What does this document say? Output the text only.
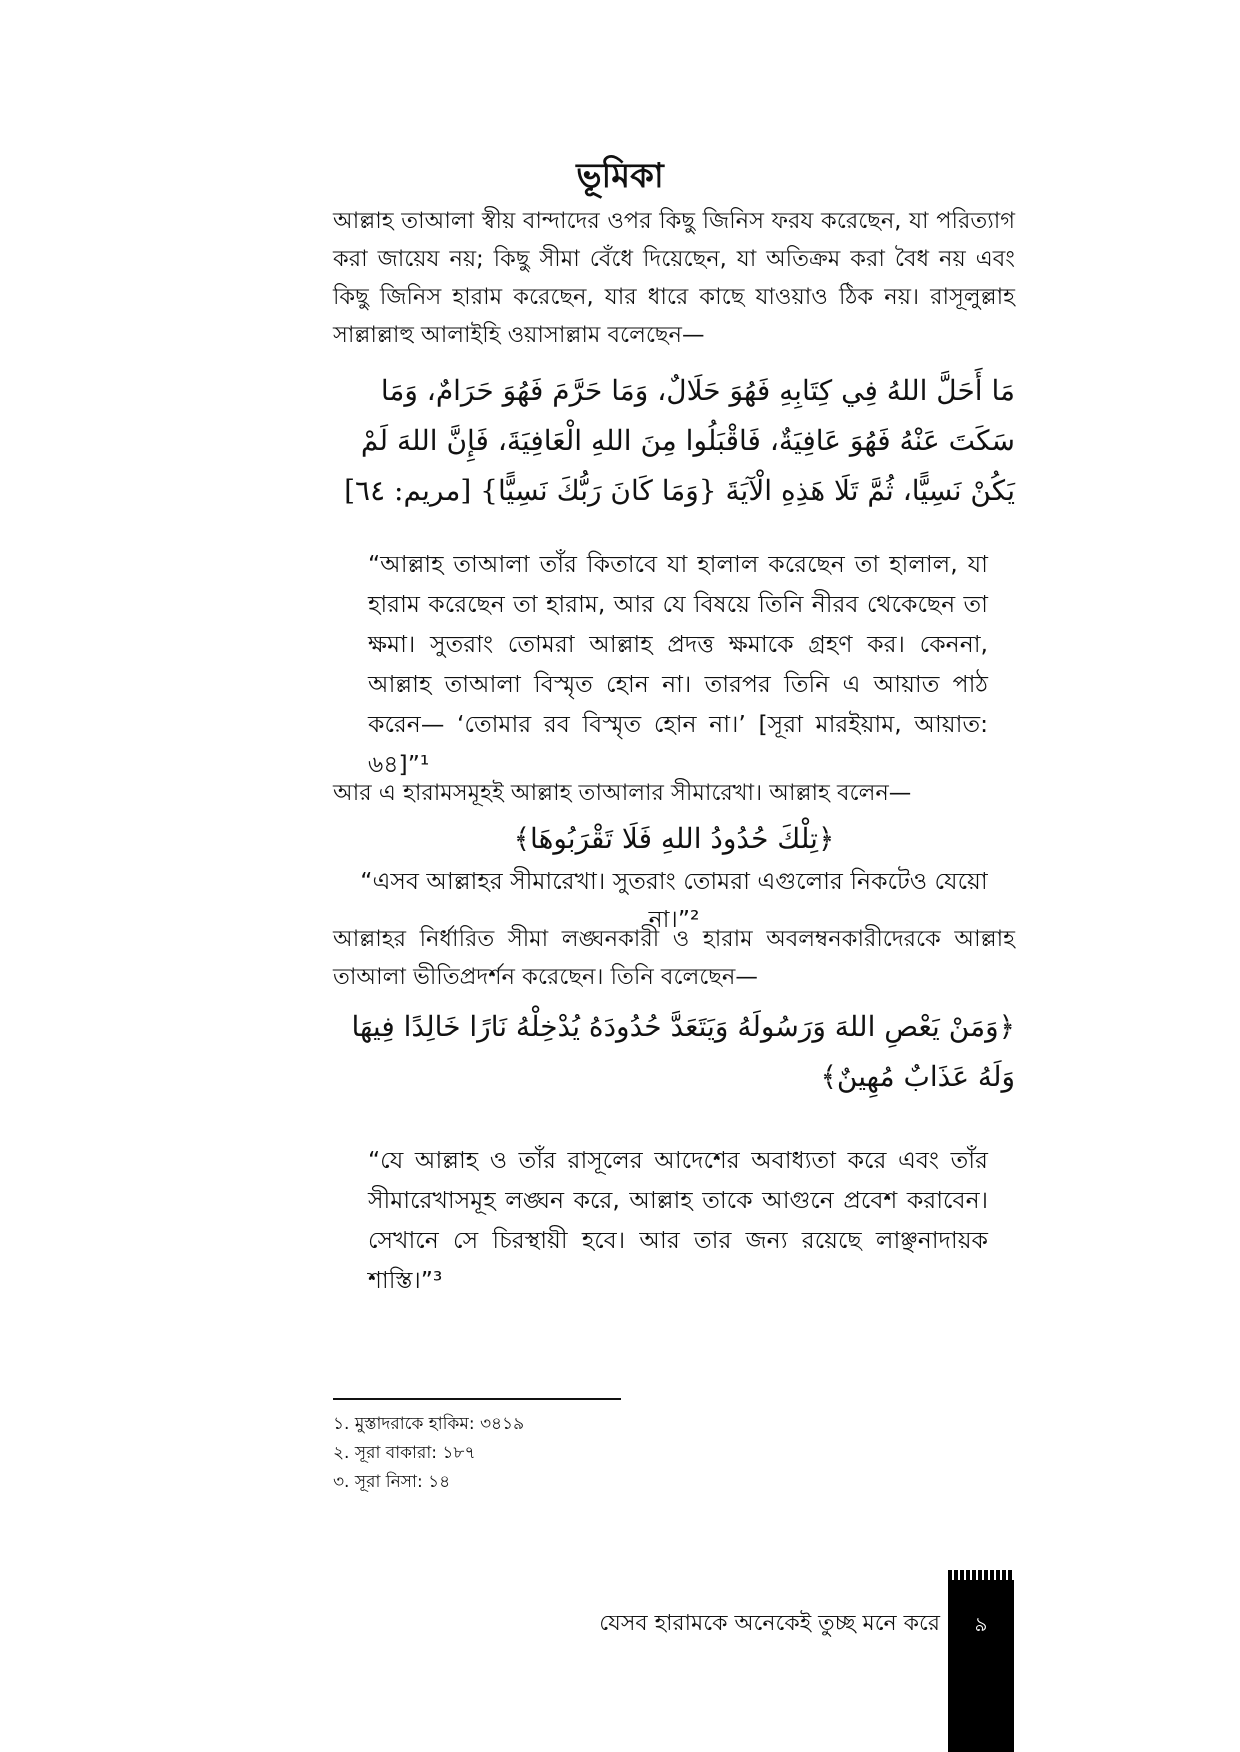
ভূমিকা

আল্লাহ তাআলা স্বীয় বান্দাদের ওপর কিছু জিনিস ফরয করেছেন, যা পরিত্যাগ করা জায়েয নয়; কিছু সীমা বেঁধে দিয়েছেন, যা অতিক্রম করা বৈধ নয় এবং কিছু জিনিস হারাম করেছেন, যার ধারে কাছে যাওয়াও ঠিক নয়। রাসূলুল্লাহ সাল্লাল্লাহু আলাইহি ওয়াসাল্লাম বলেছেন—

مَا أَحَلَّ اللهُ فِي كِتَابِهِ فَهُوَ حَلَالٌ، وَمَا حَرَّمَ فَهُوَ حَرَامٌ، وَمَا سَكَتَ عَنْهُ فَهُوَ عَافِيَةٌ، فَاقْبَلُوا مِنَ اللهِ الْعَافِيَةَ، فَإِنَّ اللهَ لَمْ يَكُنْ نَسِيًّا، ثُمَّ تَلَا هَذِهِ الْآيَةَ {وَمَا كَانَ رَبُّكَ نَسِيًّا} [مريم: ٦٤]

“আল্লাহ তাআলা তাঁর কিতাবে যা হালাল করেছেন তা হালাল, যা হারাম করেছেন তা হারাম, আর যে বিষয়ে তিনি নীরব থেকেছেন তা ক্ষমা। সুতরাং তোমরা আল্লাহ প্রদত্ত ক্ষমাকে গ্রহণ কর। কেননা, আল্লাহ তাআলা বিস্মৃত হোন না। তারপর তিনি এ আয়াত পাঠ করেন— ‘তোমার রব বিস্মৃত হোন না।’ [সূরা মারইয়াম, আয়াত: ৬৪]”¹

আর এ হারামসমূহই আল্লাহ তাআলার সীমারেখা। আল্লাহ বলেন—

﴿تِلْكَ حُدُودُ اللهِ فَلَا تَقْرَبُوهَا﴾

“এসব আল্লাহর সীমারেখা। সুতরাং তোমরা এগুলোর নিকটেও যেয়ো না।”²

আল্লাহর নির্ধারিত সীমা লঙ্ঘনকারী ও হারাম অবলম্বনকারীদেরকে আল্লাহ তাআলা ভীতিপ্রদর্শন করেছেন। তিনি বলেছেন—

﴿وَمَنْ يَعْصِ اللهَ وَرَسُولَهُ وَيَتَعَدَّ حُدُودَهُ يُدْخِلْهُ نَارًا خَالِدًا فِيهَا وَلَهُ عَذَابٌ مُهِينٌ﴾

“যে আল্লাহ ও তাঁর রাসূলের আদেশের অবাধ্যতা করে এবং তাঁর সীমারেখাসমূহ লঙ্ঘন করে, আল্লাহ তাকে আগুনে প্রবেশ করাবেন। সেখানে সে চিরস্থায়ী হবে। আর তার জন্য রয়েছে লাঞ্ছনাদায়ক শাস্তি।”³

১. মুস্তাদরাকে হাকিম: ৩৪১৯
২. সূরা বাকারা: ১৮৭
৩. সূরা নিসা: ১৪

যেসব হারামকে অনেকেই তুচ্ছ মনে করে	৯
